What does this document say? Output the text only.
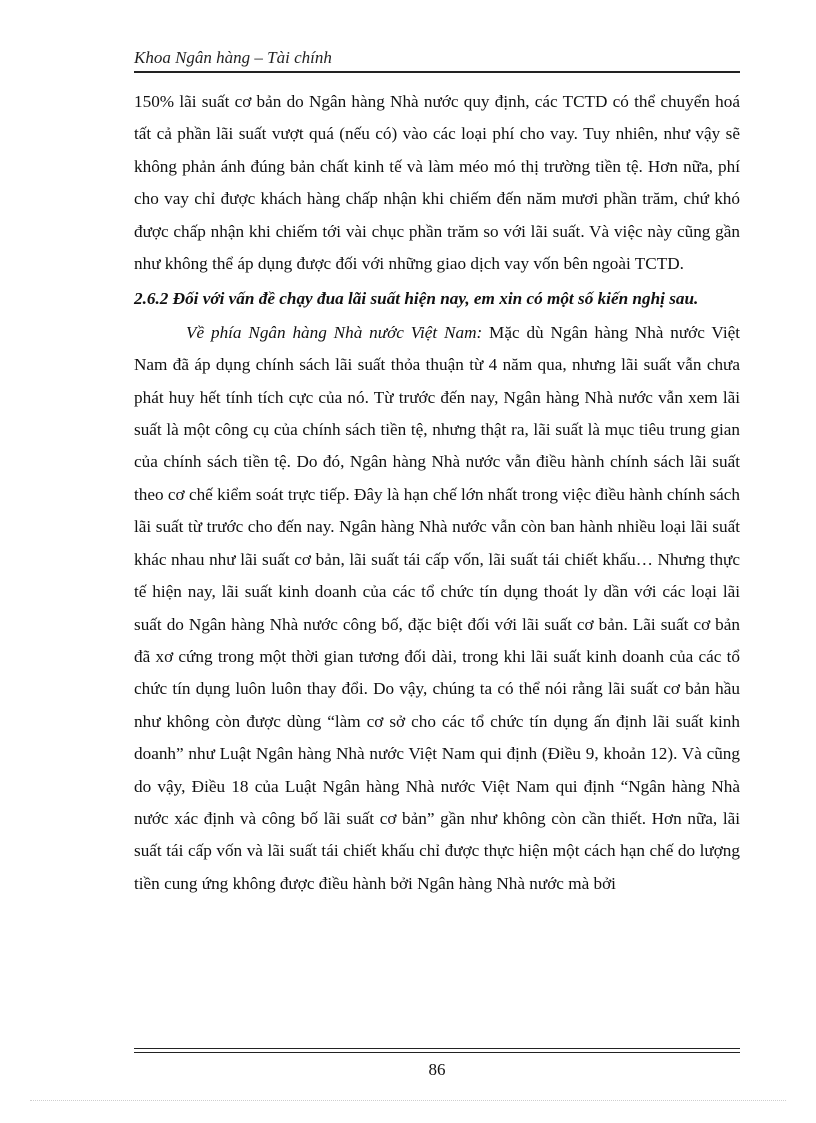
Khoa Ngân hàng – Tài chính

150% lãi suất cơ bản do Ngân hàng Nhà nước quy định, các TCTD có thể chuyển hoá tất cả phần lãi suất vượt quá (nếu có) vào các loại phí cho vay. Tuy nhiên, như vậy sẽ không phản ánh đúng bản chất kinh tế và làm méo mó thị trường tiền tệ. Hơn nữa, phí cho vay chỉ được khách hàng chấp nhận khi chiếm đến năm mươi phần trăm, chứ khó được chấp nhận khi chiếm tới vài chục phần trăm so với lãi suất. Và việc này cũng gần như không thể áp dụng được đối với những giao dịch vay vốn bên ngoài TCTD.

2.6.2 Đối với vấn đề chạy đua lãi suất hiện nay, em xin có một số kiến nghị sau.

Về phía Ngân hàng Nhà nước Việt Nam: Mặc dù Ngân hàng Nhà nước Việt Nam đã áp dụng chính sách lãi suất thỏa thuận từ 4 năm qua, nhưng lãi suất vẫn chưa phát huy hết tính tích cực của nó. Từ trước đến nay, Ngân hàng Nhà nước vẫn xem lãi suất là một công cụ của chính sách tiền tệ, nhưng thật ra, lãi suất là mục tiêu trung gian của chính sách tiền tệ. Do đó, Ngân hàng Nhà nước vẫn điều hành chính sách lãi suất theo cơ chế kiểm soát trực tiếp. Đây là hạn chế lớn nhất trong việc điều hành chính sách lãi suất từ trước cho đến nay. Ngân hàng Nhà nước vẫn còn ban hành nhiều loại lãi suất khác nhau như lãi suất cơ bản, lãi suất tái cấp vốn, lãi suất tái chiết khấu… Nhưng thực tế hiện nay, lãi suất kinh doanh của các tổ chức tín dụng thoát ly dần với các loại lãi suất do Ngân hàng Nhà nước công bố, đặc biệt đối với lãi suất cơ bản. Lãi suất cơ bản đã xơ cứng trong một thời gian tương đối dài, trong khi lãi suất kinh doanh của các tổ chức tín dụng luôn luôn thay đổi. Do vậy, chúng ta có thể nói rằng lãi suất cơ bản hầu như không còn được dùng “làm cơ sở cho các tổ chức tín dụng ấn định lãi suất kinh doanh” như Luật Ngân hàng Nhà nước Việt Nam qui định (Điều 9, khoản 12). Và cũng do vậy, Điều 18 của Luật Ngân hàng Nhà nước Việt Nam qui định “Ngân hàng Nhà nước xác định và công bố lãi suất cơ bản” gần như không còn cần thiết. Hơn nữa, lãi suất tái cấp vốn và lãi suất tái chiết khấu chỉ được thực hiện một cách hạn chế do lượng tiền cung ứng không được điều hành bởi Ngân hàng Nhà nước mà bởi

86
